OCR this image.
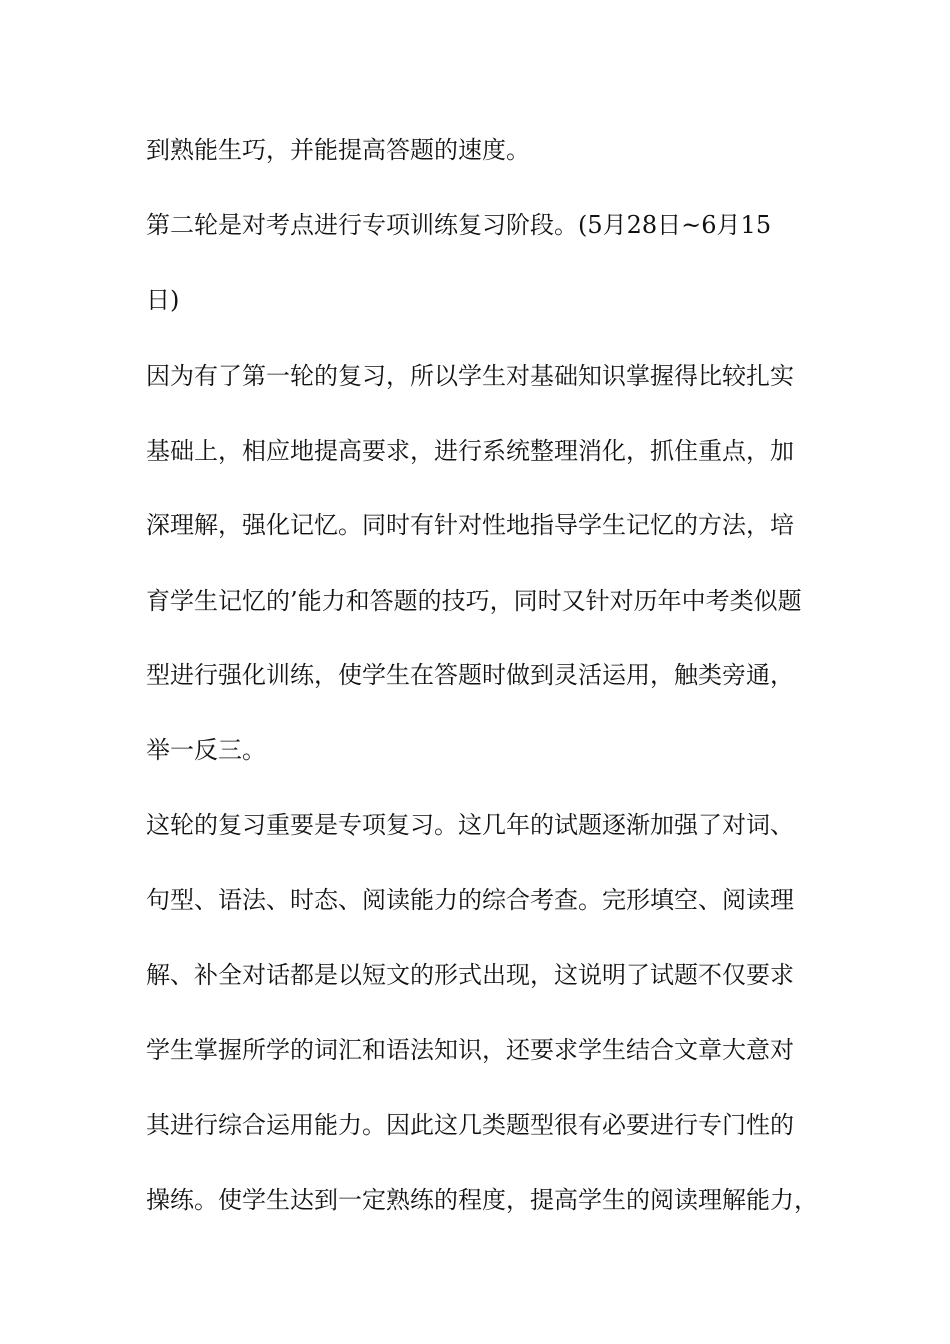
到熟能生巧，并能提高答题的速度。
第二轮是对考点进行专项训练复习阶段。(5月28日~6月15
日)
因为有了第一轮的复习，所以学生对基础知识掌握得比较扎实
基础上，相应地提高要求，进行系统整理消化，抓住重点，加
深理解，强化记忆。同时有针对性地指导学生记忆的方法，培
育学生记忆的’能力和答题的技巧，同时又针对历年中考类似题
型进行强化训练，使学生在答题时做到灵活运用，触类旁通，
举一反三。
这轮的复习重要是专项复习。这几年的试题逐渐加强了对词、
句型、语法、时态、阅读能力的综合考查。完形填空、阅读理
解、补全对话都是以短文的形式出现，这说明了试题不仅要求
学生掌握所学的词汇和语法知识，还要求学生结合文章大意对
其进行综合运用能力。因此这几类题型很有必要进行专门性的
操练。使学生达到一定熟练的程度，提高学生的阅读理解能力，
